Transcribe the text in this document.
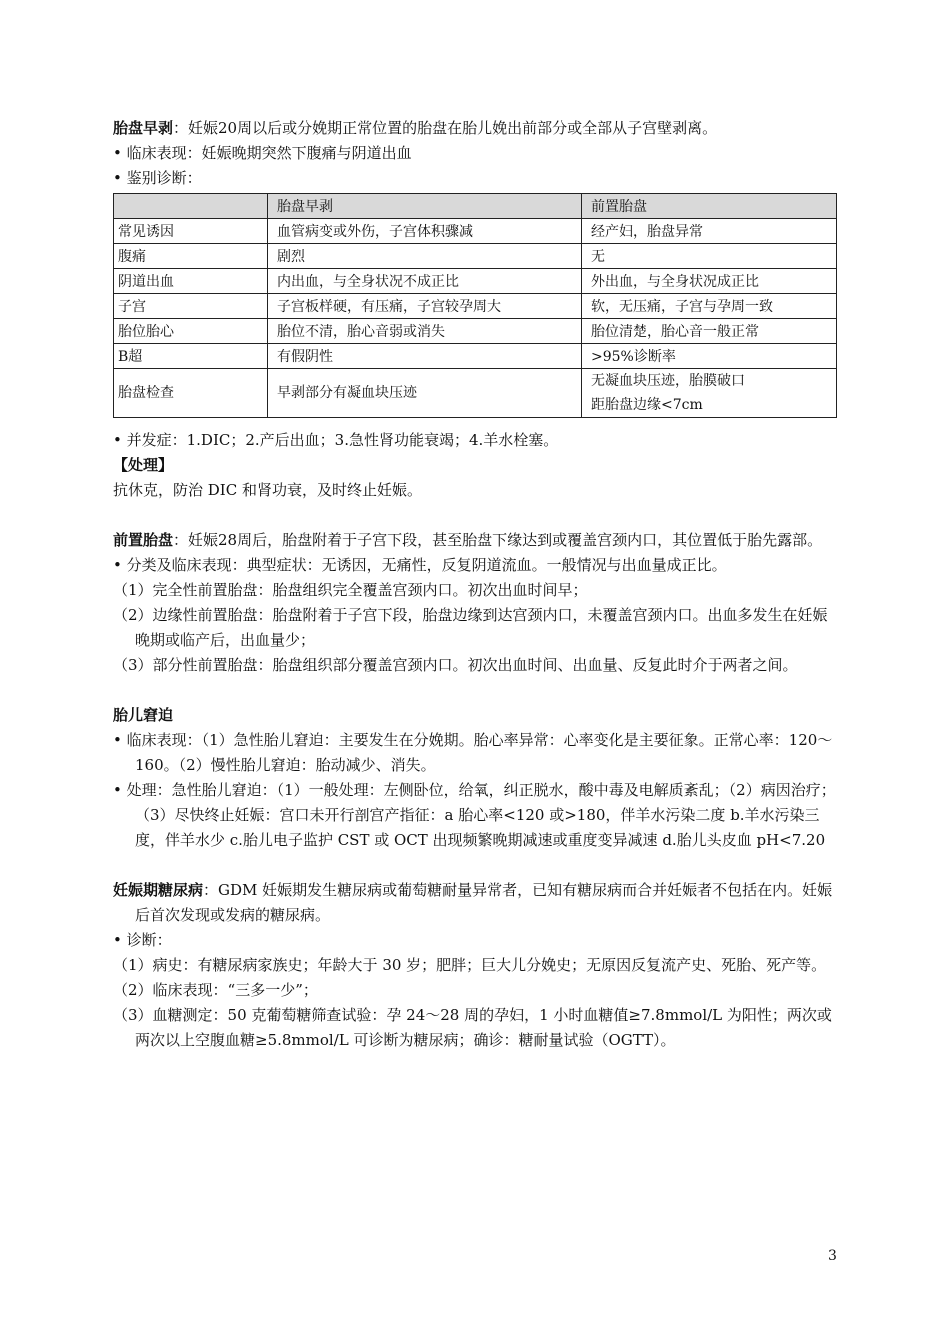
胎盘早剥：妊娠20周以后或分娩期正常位置的胎盘在胎儿娩出前部分或全部从子宫壁剥离。
• 临床表现：妊娠晚期突然下腹痛与阴道出血
• 鉴别诊断：
	胎盘早剥	前置胎盘
常见诱因	血管病变或外伤，子宫体积骤减	经产妇，胎盘异常
腹痛	剧烈	无
阴道出血	内出血，与全身状况不成正比	外出血，与全身状况成正比
子宫	子宫板样硬，有压痛，子宫较孕周大	软，无压痛，子宫与孕周一致
胎位胎心	胎位不清，胎心音弱或消失	胎位清楚，胎心音一般正常
B超	有假阴性	>95%诊断率
胎盘检查	早剥部分有凝血块压迹	无凝血块压迹，胎膜破口
距胎盘边缘<7cm
• 并发症：1.DIC；2.产后出血；3.急性肾功能衰竭；4.羊水栓塞。
【处理】
抗休克，防治 DIC 和肾功衰，及时终止妊娠。
前置胎盘：妊娠28周后，胎盘附着于子宫下段，甚至胎盘下缘达到或覆盖宫颈内口，其位置低于胎先露部。
• 分类及临床表现：典型症状：无诱因，无痛性，反复阴道流血。一般情况与出血量成正比。
（1）完全性前置胎盘：胎盘组织完全覆盖宫颈内口。初次出血时间早；
（2）边缘性前置胎盘：胎盘附着于子宫下段，胎盘边缘到达宫颈内口，未覆盖宫颈内口。出血多发生在妊娠晚期或临产后，出血量少；
（3）部分性前置胎盘：胎盘组织部分覆盖宫颈内口。初次出血时间、出血量、反复此时介于两者之间。
胎儿窘迫
• 临床表现：（1）急性胎儿窘迫：主要发生在分娩期。胎心率异常：心率变化是主要征象。正常心率：120～160。（2）慢性胎儿窘迫：胎动减少、消失。
• 处理：急性胎儿窘迫：（1）一般处理：左侧卧位，给氧，纠正脱水，酸中毒及电解质紊乱；（2）病因治疗；（3）尽快终止妊娠：宫口未开行剖宫产指征：a 胎心率<120 或>180，伴羊水污染二度 b.羊水污染三度，伴羊水少 c.胎儿电子监护 CST 或 OCT 出现频繁晚期减速或重度变异减速 d.胎儿头皮血 pH<7.20
妊娠期糖尿病：GDM 妊娠期发生糖尿病或葡萄糖耐量异常者，已知有糖尿病而合并妊娠者不包括在内。妊娠后首次发现或发病的糖尿病。
• 诊断：
（1）病史：有糖尿病家族史；年龄大于 30 岁；肥胖；巨大儿分娩史；无原因反复流产史、死胎、死产等。
（2）临床表现：“三多一少”；
（3）血糖测定：50 克葡萄糖筛查试验：孕 24～28 周的孕妇，1 小时血糖值≥7.8mmol/L 为阳性；两次或两次以上空腹血糖≥5.8mmol/L 可诊断为糖尿病；确诊：糖耐量试验（OGTT）。
3
